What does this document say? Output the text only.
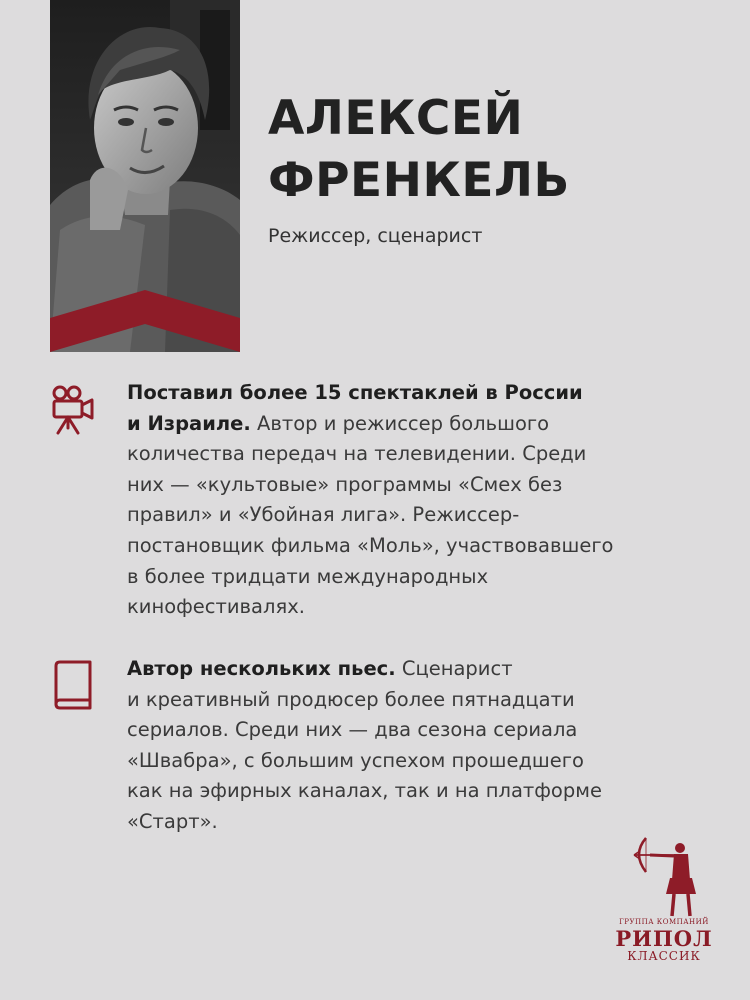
АЛЕКСЕЙ
ФРЕНКЕЛЬ
Режиссер, сценарист
Поставил более 15 спектаклей в России
и Израиле. Автор и режиссер большого
количества передач на телевидении. Среди
них — «культовые» программы «Смех без
правил» и «Убойная лига». Режиссер-
постановщик фильма «Моль», участвовавшего
в более тридцати международных
кинофестивалях.
Автор нескольких пьес. Сценарист
и креативный продюсер более пятнадцати
сериалов. Среди них — два сезона сериала
«Швабра», с большим успехом прошедшего
как на эфирных каналах, так и на платформе
«Старт».
ГРУППА КОМПАНИЙ
РИПОЛ
КЛАССИК
